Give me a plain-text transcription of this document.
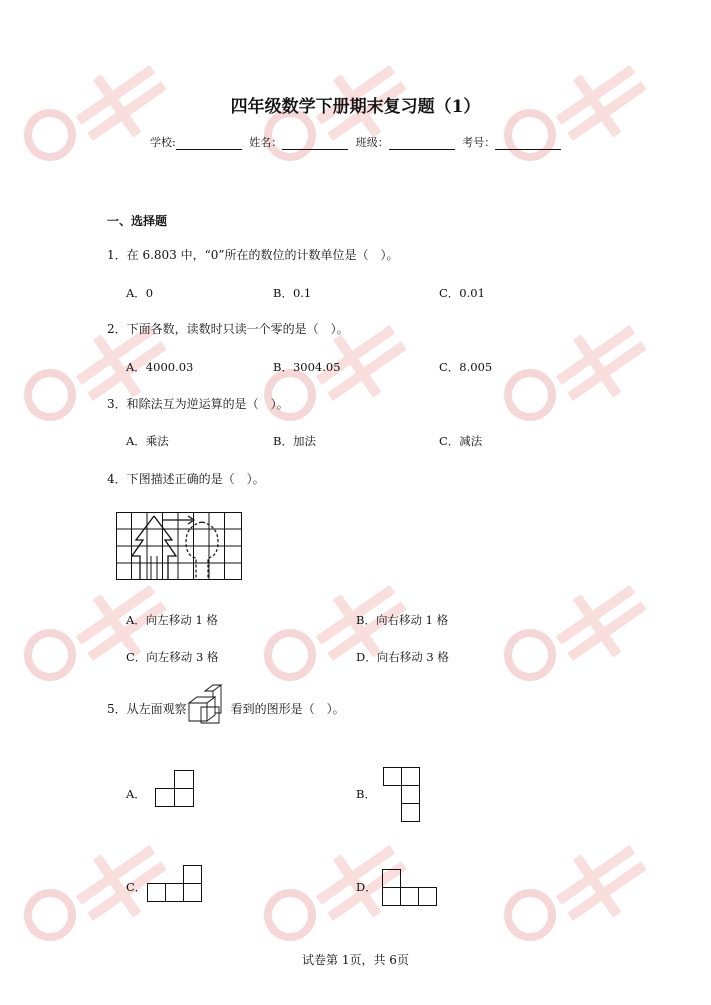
四年级数学下册期末复习题（1）
学校:	姓名：	班级：	考号：
一、选择题
1．在 6.803 中，“0”所在的数位的计数单位是（　）。
A．0	B．0.1	C．0.01
2．下面各数，读数时只读一个零的是（　）。
A．4000.03	B．3004.05	C．8.005
3．和除法互为逆运算的是（　）。
A．乘法	B．加法	C．减法
4．下图描述正确的是（　）。
A．向左移动 1 格	B．向右移动 1 格
C．向左移动 3 格	D．向右移动 3 格
5．从左面观察	看到的图形是（　）。
A．	B．
C．	D．
试卷第 1页，共 6页
